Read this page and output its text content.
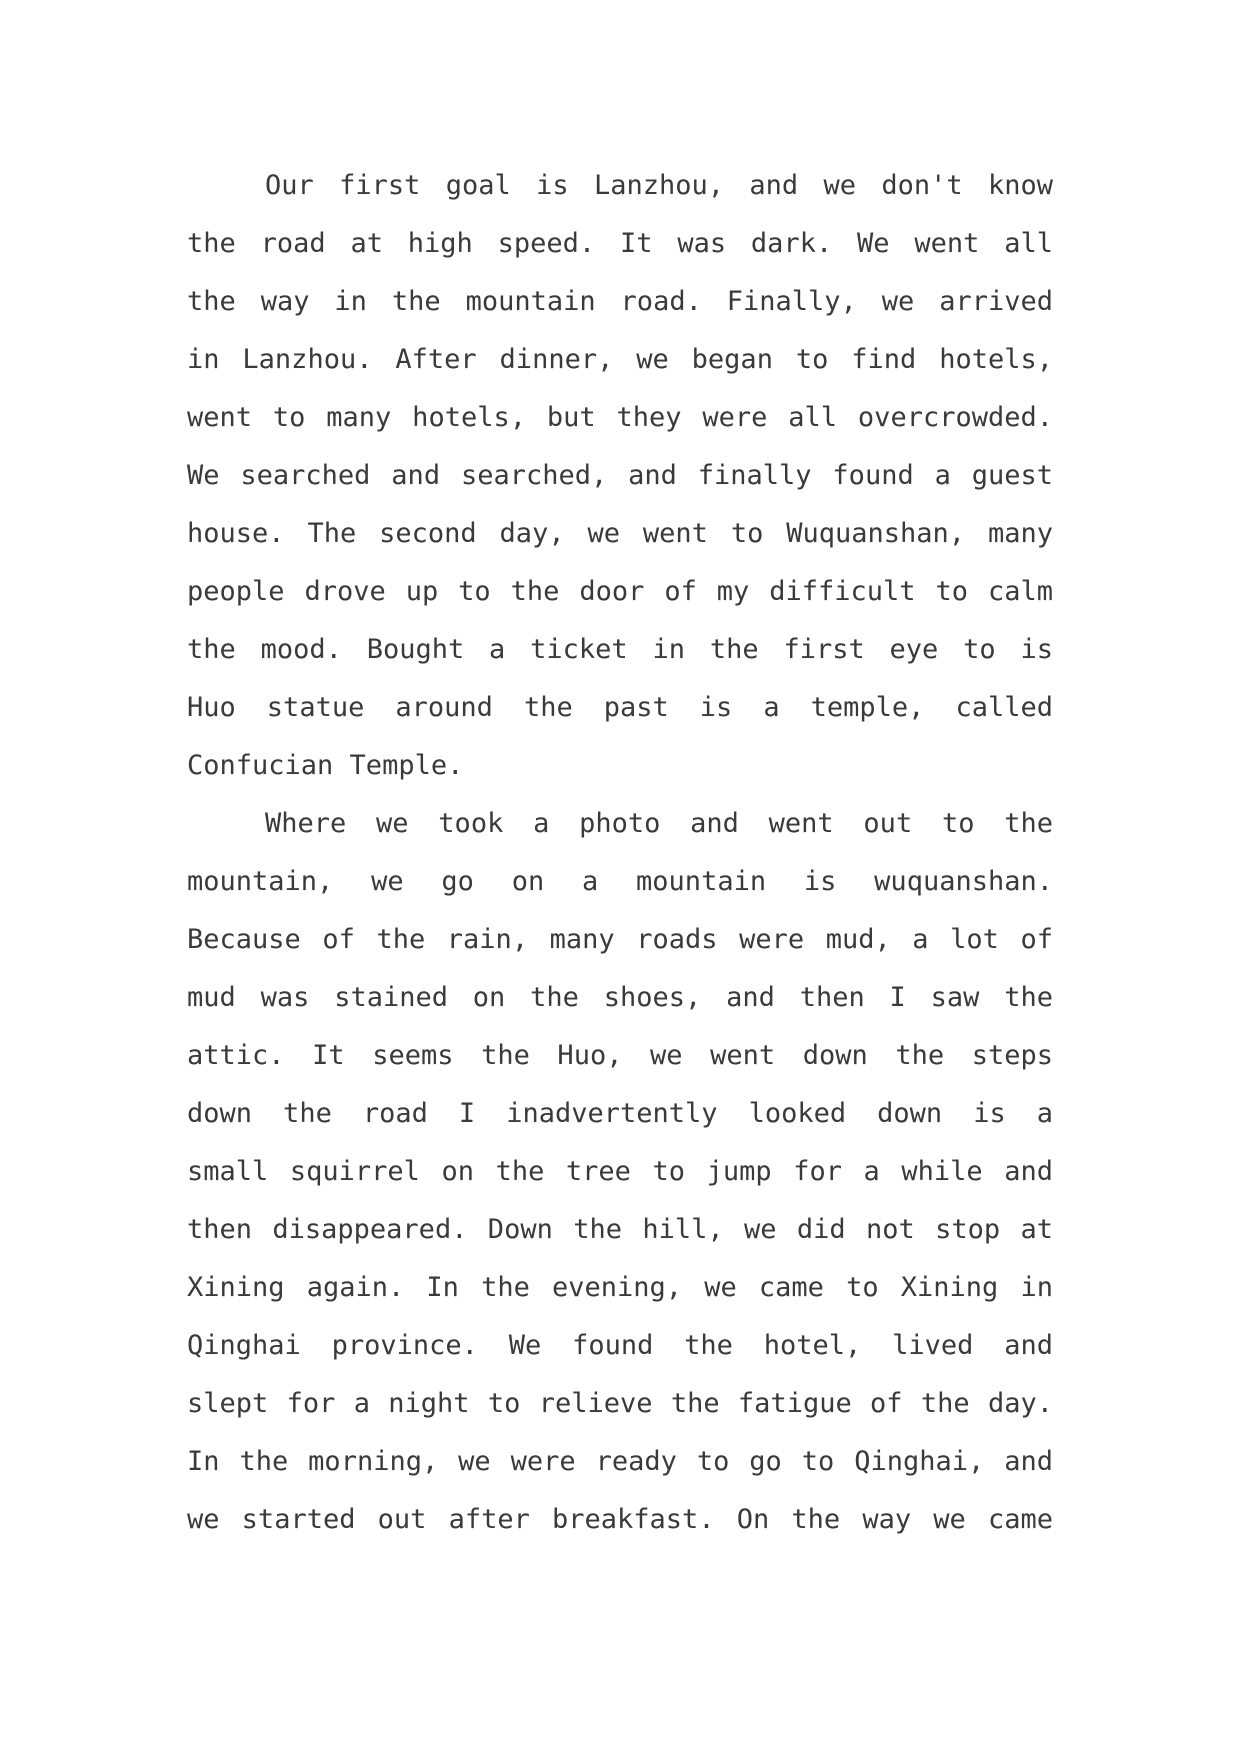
Our first goal is Lanzhou, and we don't know
the road at high speed. It was dark. We went all
the way in the mountain road. Finally, we arrived
in Lanzhou. After dinner, we began to find hotels,
went to many hotels, but they were all overcrowded.
We searched and searched, and finally found a guest
house. The second day, we went to Wuquanshan, many
people drove up to the door of my difficult to calm
the mood. Bought a ticket in the first eye to is
Huo statue around the past is a temple, called
Confucian Temple.
Where we took a photo and went out to the
mountain, we go on a mountain is wuquanshan.
Because of the rain, many roads were mud, a lot of
mud was stained on the shoes, and then I saw the
attic. It seems the Huo, we went down the steps
down the road I inadvertently looked down is a
small squirrel on the tree to jump for a while and
then disappeared. Down the hill, we did not stop at
Xining again. In the evening, we came to Xining in
Qinghai province. We found the hotel, lived and
slept for a night to relieve the fatigue of the day.
In the morning, we were ready to go to Qinghai, and
we started out after breakfast. On the way we came
